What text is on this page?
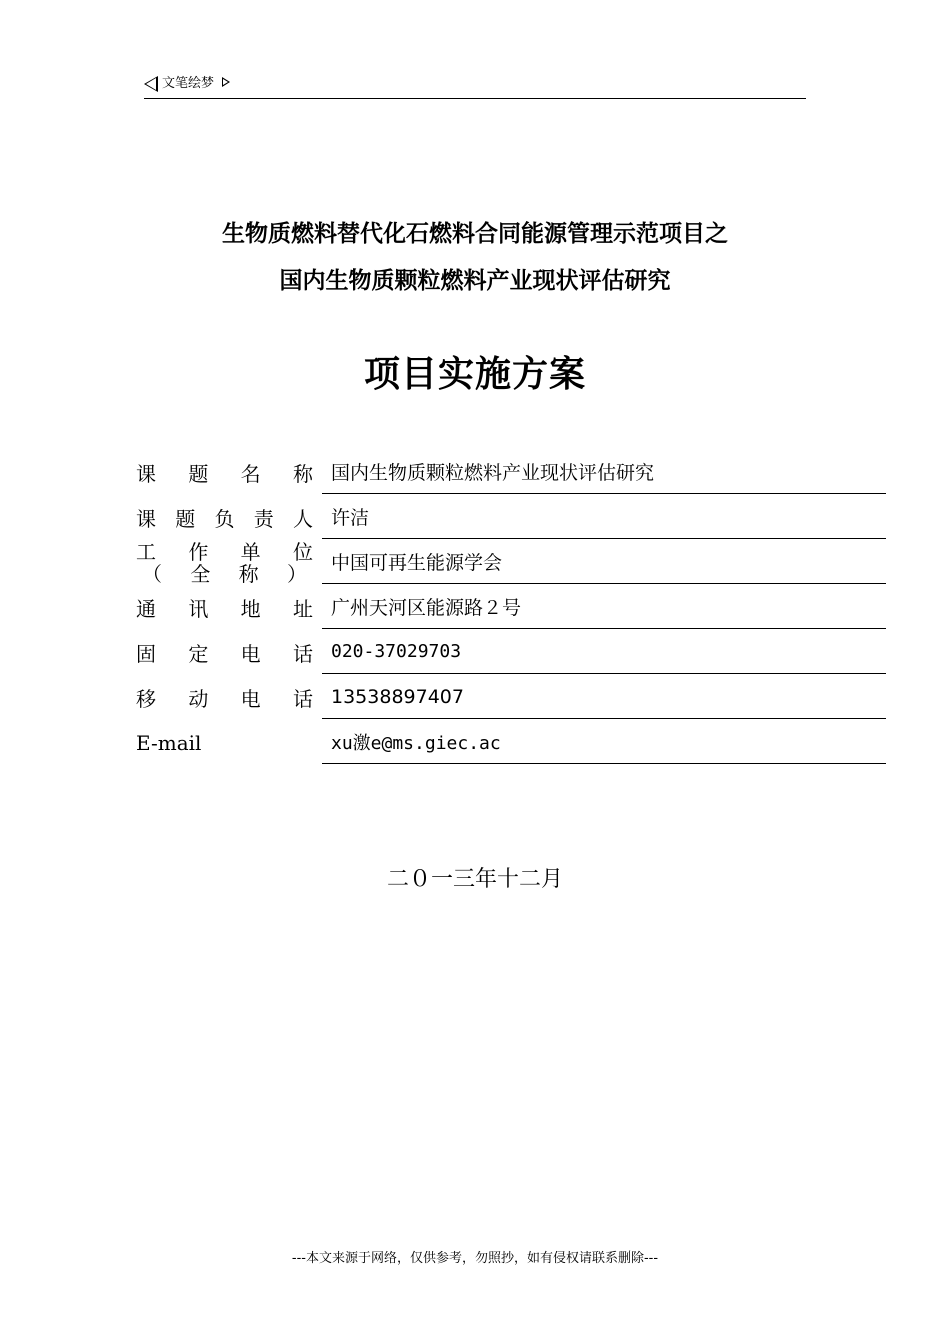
文笔绘梦
生物质燃料替代化石燃料合同能源管理示范项目之
国内生物质颗粒燃料产业现状评估研究
项目实施方案
课 题 名 称 国内生物质颗粒燃料产业现状评估研究
课 题 负 责 人 许洁
工 作 单 位
（ 全 称 ）	中国可再生能源学会
通 讯 地 址 广州天河区能源路２号
固 定 电 话	020-37029703
移 动 电 话 13538897407
E-mail	xu激e@ms.giec.ac
二０一三年十二月
---本文来源于网络，仅供参考，勿照抄，如有侵权请联系删除---
